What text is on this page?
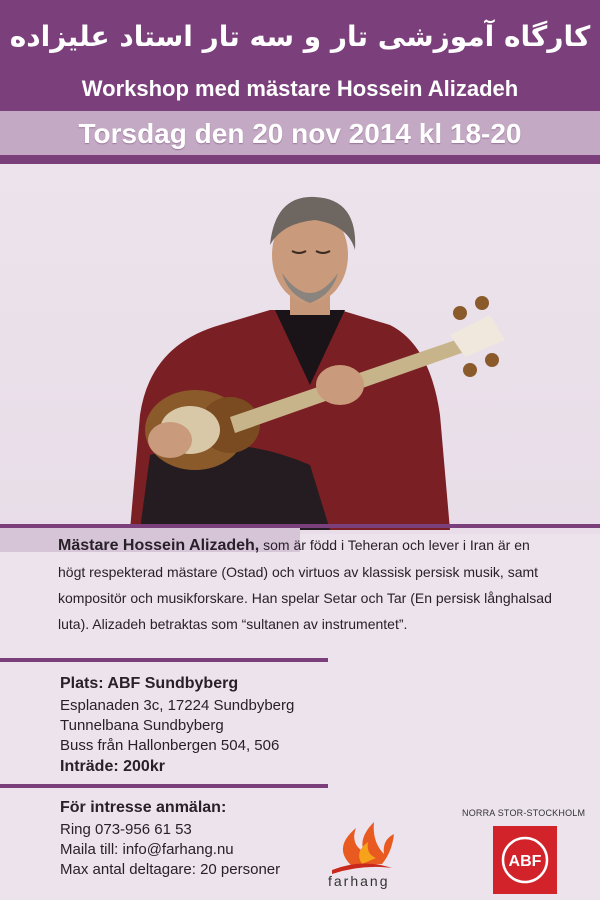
کارگاه آموزشی تار و سه تار استاد علیزاده
Workshop med mästare Hossein Alizadeh
Torsdag den 20 nov 2014 kl 18-20
Mästare Hossein Alizadeh, som är född i Teheran och lever i Iran är en högt respekterad mästare (Ostad) och virtuos av klassisk persisk musik, samt kompositör och musikforskare. Han spelar Setar och Tar (En persisk långhalsad luta). Alizadeh betraktas som “sultanen av instrumentet”.
Plats: ABF Sundbyberg
Esplanaden 3c, 17224 Sundbyberg
Tunnelbana Sundbyberg
Buss från Hallonbergen 504, 506
Inträde: 200kr
För intresse anmälan:
Ring 073-956 61 53
Maila till: info@farhang.nu
Max antal deltagare: 20 personer
farhang
NORRA STOR-STOCKHOLM
ABF
